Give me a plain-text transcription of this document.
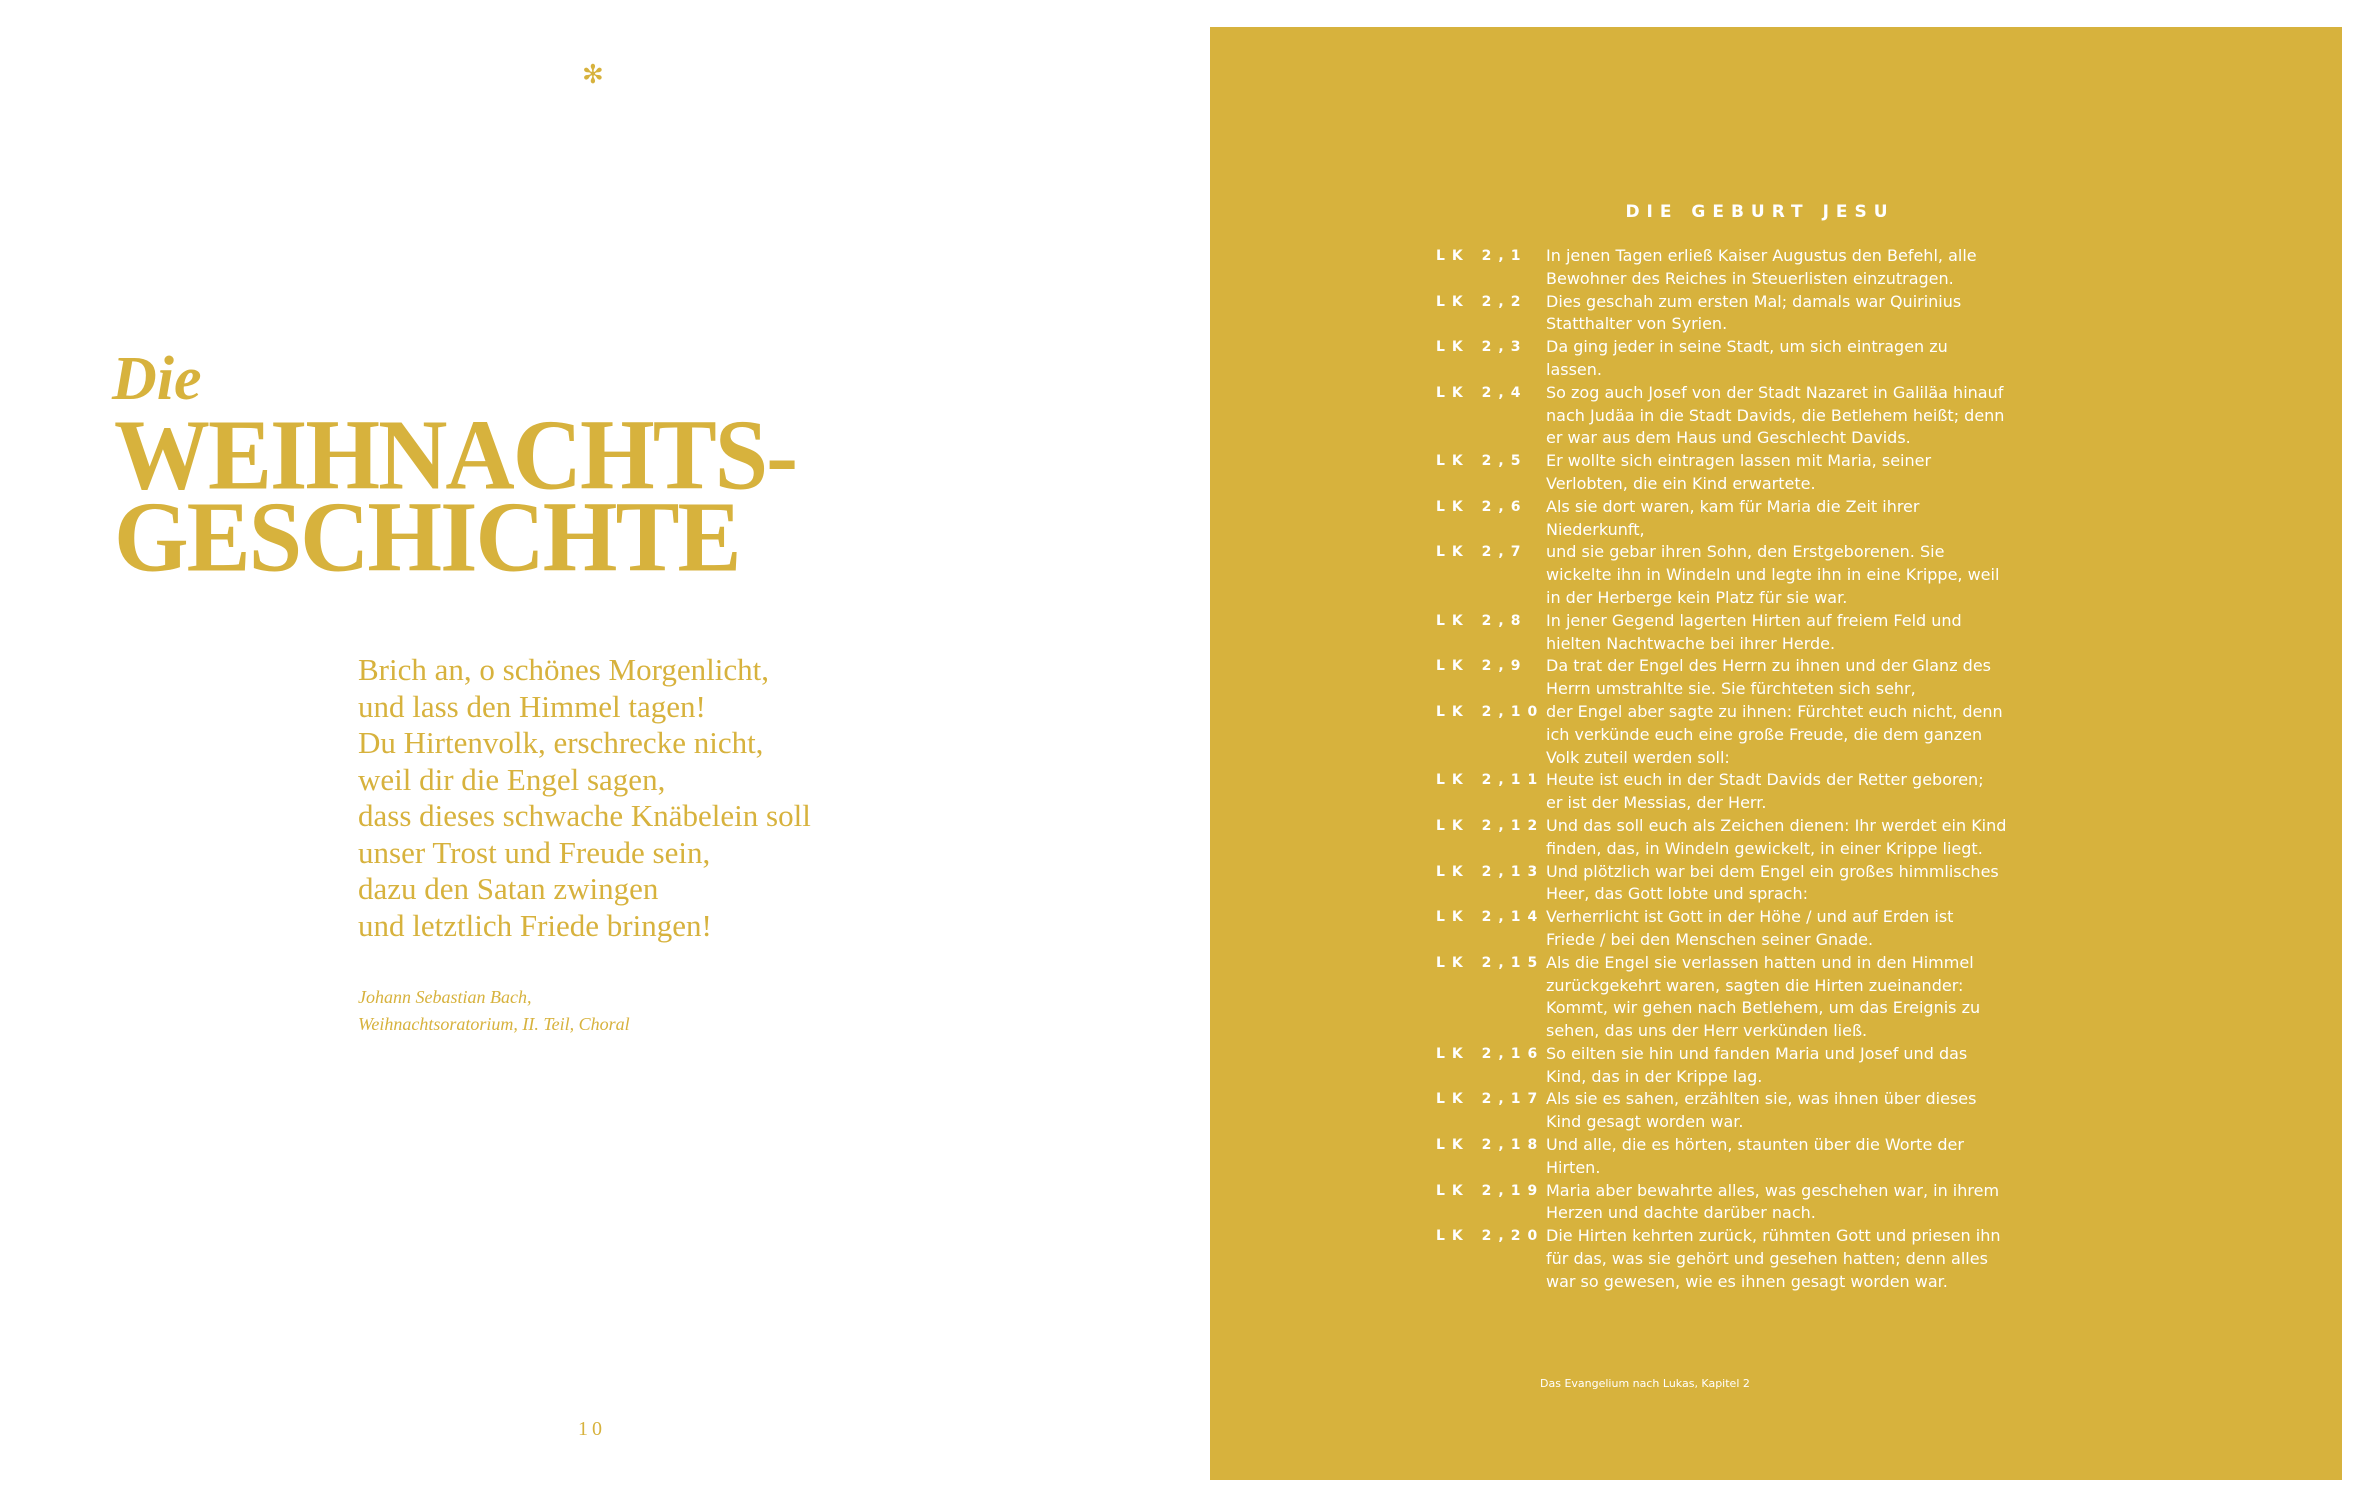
✻
Die
WEIHNACHTS-
GESCHICHTE
Brich an, o schönes Morgenlicht,
und lass den Himmel tagen!
Du Hirtenvolk, erschrecke nicht,
weil dir die Engel sagen,
dass dieses schwache Knäbelein soll
unser Trost und Freude sein,
dazu den Satan zwingen
und letztlich Friede bringen!
Johann Sebastian Bach,
Weihnachtsoratorium, II. Teil, Choral
10
DIE GEBURT JESU
LK 2,1	In jenen Tagen erließ Kaiser Augustus den Befehl, alle
Bewohner des Reiches in Steuerlisten einzutragen.
LK 2,2	Dies geschah zum ersten Mal; damals war Quirinius
Statthalter von Syrien.
LK 2,3	Da ging jeder in seine Stadt, um sich eintragen zu
lassen.
LK 2,4	So zog auch Josef von der Stadt Nazaret in Galiläa hinauf
nach Judäa in die Stadt Davids, die Betlehem heißt; denn
er war aus dem Haus und Geschlecht Davids.
LK 2,5	Er wollte sich eintragen lassen mit Maria, seiner
Verlobten, die ein Kind erwartete.
LK 2,6	Als sie dort waren, kam für Maria die Zeit ihrer
Niederkunft,
LK 2,7	und sie gebar ihren Sohn, den Erstgeborenen. Sie
wickelte ihn in Windeln und legte ihn in eine Krippe, weil
in der Herberge kein Platz für sie war.
LK 2,8	In jener Gegend lagerten Hirten auf freiem Feld und
hielten Nachtwache bei ihrer Herde.
LK 2,9	Da trat der Engel des Herrn zu ihnen und der Glanz des
Herrn umstrahlte sie. Sie fürchteten sich sehr,
LK 2,10 der Engel aber sagte zu ihnen: Fürchtet euch nicht, denn
ich verkünde euch eine große Freude, die dem ganzen
Volk zuteil werden soll:
LK 2,11 Heute ist euch in der Stadt Davids der Retter geboren;
er ist der Messias, der Herr.
LK 2,12 Und das soll euch als Zeichen dienen: Ihr werdet ein Kind
finden, das, in Windeln gewickelt, in einer Krippe liegt.
LK 2,13 Und plötzlich war bei dem Engel ein großes himmlisches
Heer, das Gott lobte und sprach:
LK 2,14 Verherrlicht ist Gott in der Höhe / und auf Erden ist
Friede / bei den Menschen seiner Gnade.
LK 2,15 Als die Engel sie verlassen hatten und in den Himmel
zurückgekehrt waren, sagten die Hirten zueinander:
Kommt, wir gehen nach Betlehem, um das Ereignis zu
sehen, das uns der Herr verkünden ließ.
LK 2,16 So eilten sie hin und fanden Maria und Josef und das
Kind, das in der Krippe lag.
LK 2,17 Als sie es sahen, erzählten sie, was ihnen über dieses
Kind gesagt worden war.
LK 2,18 Und alle, die es hörten, staunten über die Worte der
Hirten.
LK 2,19 Maria aber bewahrte alles, was geschehen war, in ihrem
Herzen und dachte darüber nach.
LK 2,20 Die Hirten kehrten zurück, rühmten Gott und priesen ihn
für das, was sie gehört und gesehen hatten; denn alles
war so gewesen, wie es ihnen gesagt worden war.
Das Evangelium nach Lukas, Kapitel 2
